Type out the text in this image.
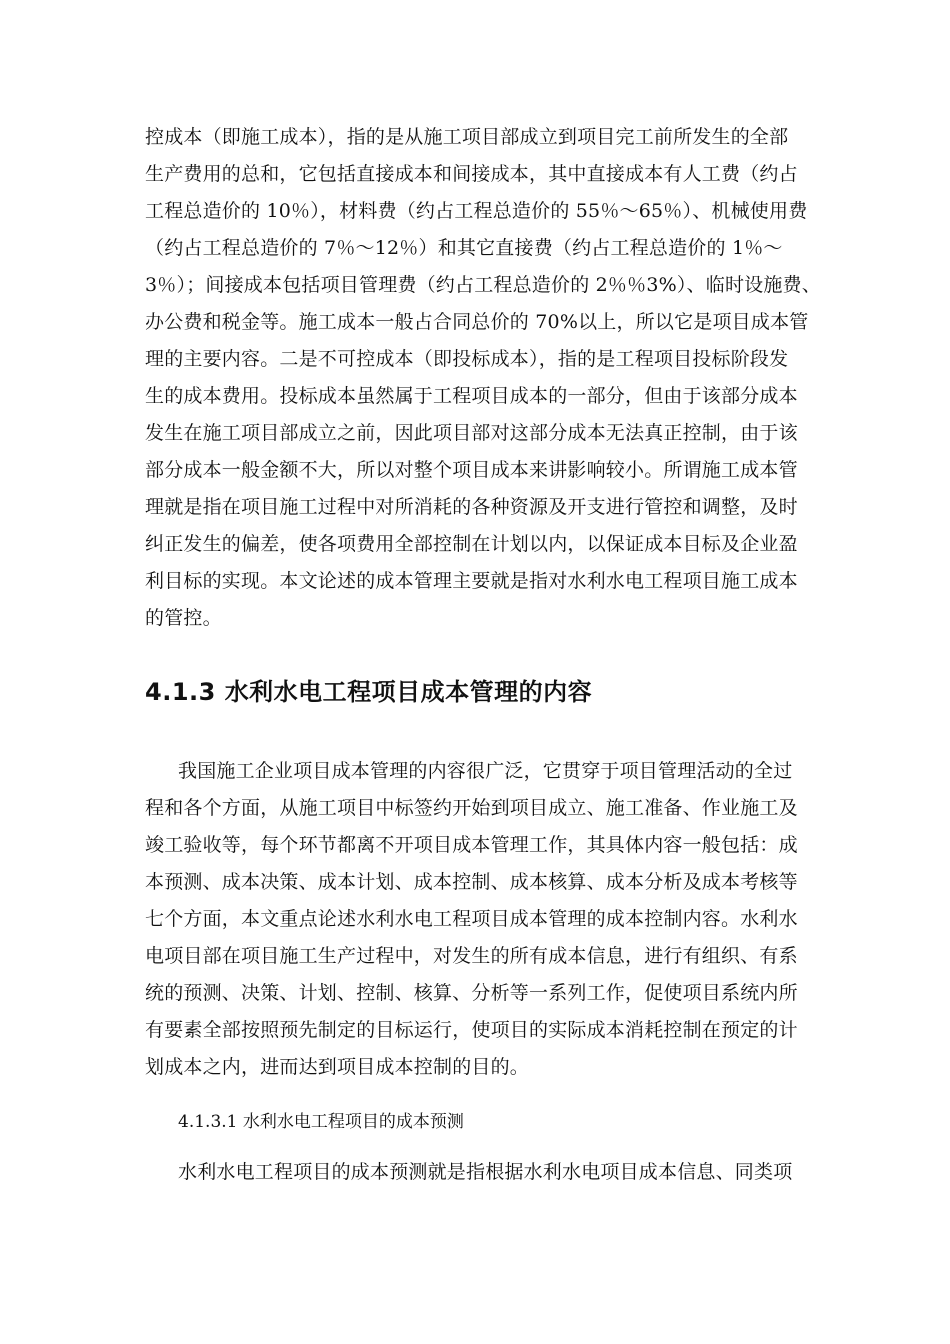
控成本（即施工成本），指的是从施工项目部成立到项目完工前所发生的全部
生产费用的总和，它包括直接成本和间接成本，其中直接成本有人工费（约占
工程总造价的 10％），材料费（约占工程总造价的 55％～65％）、机械使用费
（约占工程总造价的 7％～12％）和其它直接费（约占工程总造价的 1％～
3％）；间接成本包括项目管理费（约占工程总造价的 2％％3%）、临时设施费、
办公费和税金等。施工成本一般占合同总价的 70%以上，所以它是项目成本管
理的主要内容。二是不可控成本（即投标成本），指的是工程项目投标阶段发
生的成本费用。投标成本虽然属于工程项目成本的一部分，但由于该部分成本
发生在施工项目部成立之前，因此项目部对这部分成本无法真正控制，由于该
部分成本一般金额不大，所以对整个项目成本来讲影响较小。所谓施工成本管
理就是指在项目施工过程中对所消耗的各种资源及开支进行管控和调整，及时
纠正发生的偏差，使各项费用全部控制在计划以内，以保证成本目标及企业盈
利目标的实现。本文论述的成本管理主要就是指对水利水电工程项目施工成本
的管控。
4.1.3 水利水电工程项目成本管理的内容
我国施工企业项目成本管理的内容很广泛，它贯穿于项目管理活动的全过
程和各个方面，从施工项目中标签约开始到项目成立、施工准备、作业施工及
竣工验收等，每个环节都离不开项目成本管理工作，其具体内容一般包括：成
本预测、成本决策、成本计划、成本控制、成本核算、成本分析及成本考核等
七个方面，本文重点论述水利水电工程项目成本管理的成本控制内容。水利水
电项目部在项目施工生产过程中，对发生的所有成本信息，进行有组织、有系
统的预测、决策、计划、控制、核算、分析等一系列工作，促使项目系统内所
有要素全部按照预先制定的目标运行，使项目的实际成本消耗控制在预定的计
划成本之内，进而达到项目成本控制的目的。
4.1.3.1 水利水电工程项目的成本预测
水利水电工程项目的成本预测就是指根据水利水电项目成本信息、同类项
